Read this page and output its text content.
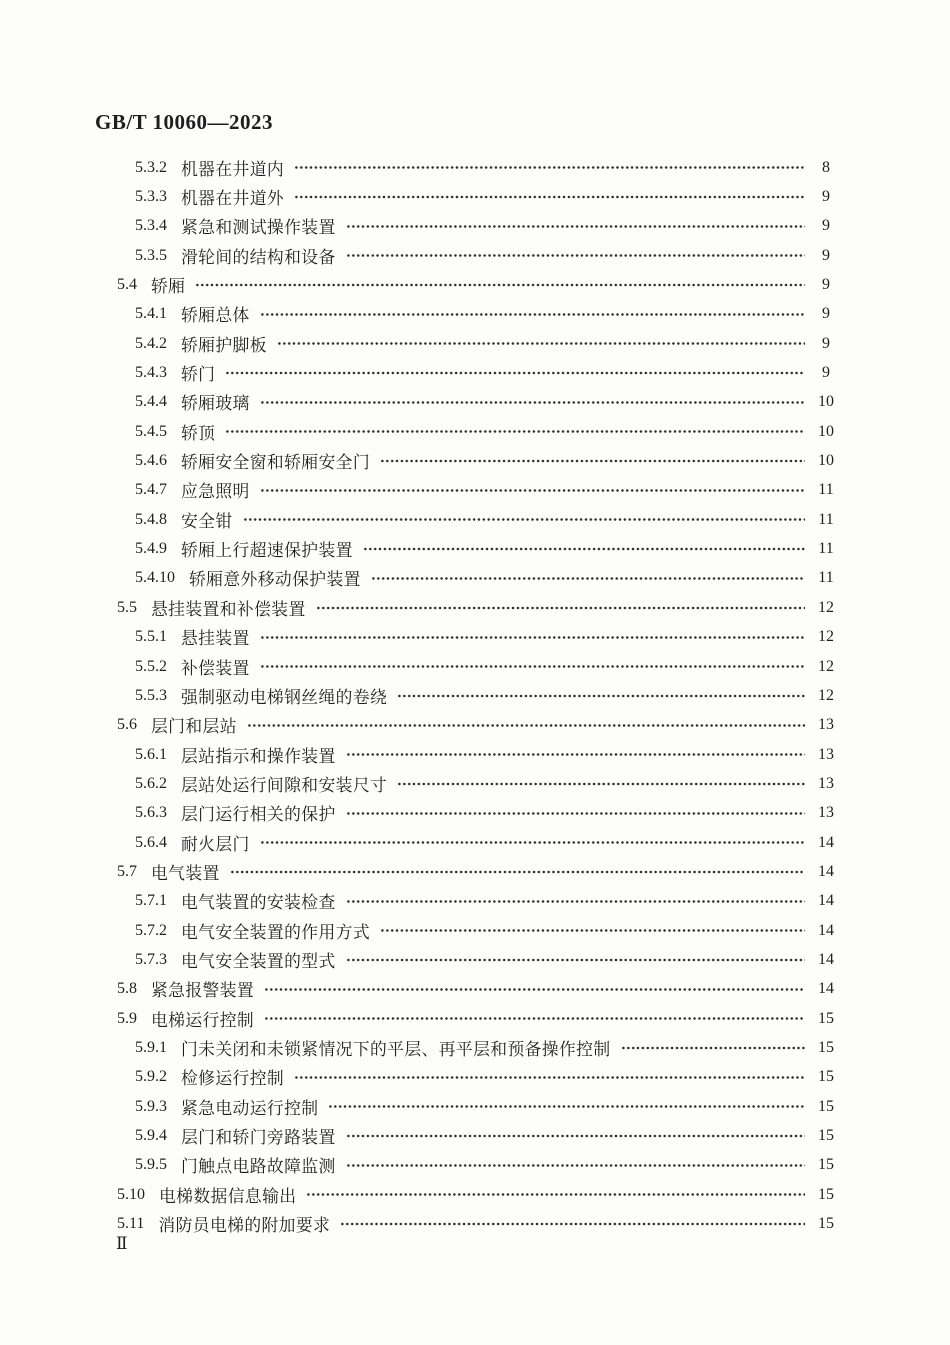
GB/T 10060—2023
5.3.2 机器在井道内	8
5.3.3 机器在井道外	9
5.3.4 紧急和测试操作装置	9
5.3.5 滑轮间的结构和设备	9
5.4 轿厢	9
5.4.1 轿厢总体	9
5.4.2 轿厢护脚板	9
5.4.3 轿门	9
5.4.4 轿厢玻璃	10
5.4.5 轿顶	10
5.4.6 轿厢安全窗和轿厢安全门	10
5.4.7 应急照明	11
5.4.8 安全钳	11
5.4.9 轿厢上行超速保护装置	11
5.4.10 轿厢意外移动保护装置	11
5.5 悬挂装置和补偿装置	12
5.5.1 悬挂装置	12
5.5.2 补偿装置	12
5.5.3 强制驱动电梯钢丝绳的卷绕	12
5.6 层门和层站	13
5.6.1 层站指示和操作装置	13
5.6.2 层站处运行间隙和安装尺寸	13
5.6.3 层门运行相关的保护	13
5.6.4 耐火层门	14
5.7 电气装置	14
5.7.1 电气装置的安装检查	14
5.7.2 电气安全装置的作用方式	14
5.7.3 电气安全装置的型式	14
5.8 紧急报警装置	14
5.9 电梯运行控制	15
5.9.1 门未关闭和未锁紧情况下的平层、再平层和预备操作控制	15
5.9.2 检修运行控制	15
5.9.3 紧急电动运行控制	15
5.9.4 层门和轿门旁路装置	15
5.9.5 门触点电路故障监测	15
5.10 电梯数据信息输出	15
5.11 消防员电梯的附加要求	15
Ⅱ
